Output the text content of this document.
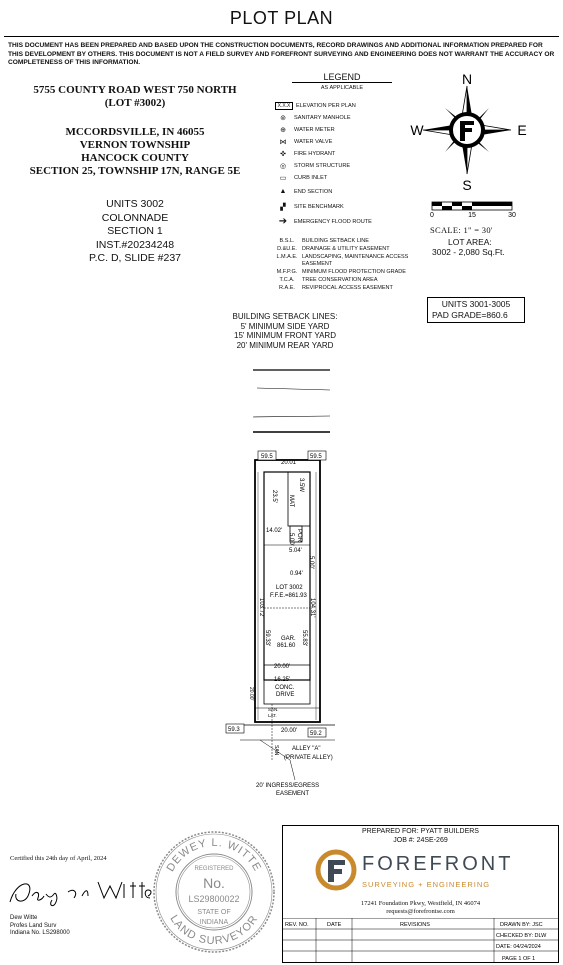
PLOT PLAN
THIS DOCUMENT HAS BEEN PREPARED AND BASED UPON THE CONSTRUCTION DOCUMENTS, RECORD DRAWINGS AND ADDITIONAL INFORMATION PREPARED FOR THIS DEVELOPMENT BY OTHERS. THIS DOCUMENT IS NOT A FIELD SURVEY AND FOREFRONT SURVEYING AND ENGINEERING DOES NOT WARRANT THE ACCURACY OR COMPLETENESS OF THIS INFORMATION.
5755 COUNTY ROAD WEST 750 NORTH
(LOT #3002)
MCCORDSVILLE, IN 46055
VERNON TOWNSHIP
HANCOCK COUNTY
SECTION 25, TOWNSHIP 17N, RANGE 5E
UNITS 3002
COLONNADE
SECTION 1
INST.#20234248
P.C. D, SLIDE #237
LEGEND
AS APPLICABLE
X.X.X	ELEVATION PER PLAN
⊚	SANITARY MANHOLE
⊕	WATER METER
⋈	WATER VALVE
✜	FIRE HYDRANT
◎	STORM STRUCTURE
▭	CURB INLET
▲	END SECTION
▞	SITE BENCHMARK
➔	EMERGENCY FLOOD ROUTE
B.S.L.	BUILDING SETBACK LINE
D.&U.E. DRAINAGE & UTILITY EASEMENT
L.M.A.E. LANDSCAPING, MAINTENANCE ACCESS EASEMENT
M.F.P.G. MINIMUM FLOOD PROTECTION GRADE
T.C.A.	TREE CONSERVATION AREA
R.A.E.	REVIPROCAL ACCESS EASEMENT
N
S
W	E
0	15	30
SCALE: 1" = 30'
LOT AREA:
3002 - 2,080 Sq.Ft.
UNITS 3001-3005
PAD GRADE=860.6
BUILDING SETBACK LINES:
5' MINIMUM SIDE YARD
15' MINIMUM FRONT YARD
20' MINIMUM REAR YARD
59.5	59.5
20.01'
23.5' MAT
3.5W
14.02'
5.00' POR
5.04'
5.00'
0.94'
LOT 3002
F.F.E.=861.93
103.72'	104.31'
59.33'	55.83'
GAR.
861.60
20.00'
16.25'
CONC.
DRIVE
20.00'
SAN.
LAT.
59.3
59.2
20.00'
SAN ALLEY "A"
(PRIVATE ALLEY)
20' INGRESS/EGRESS
EASEMENT
Certified this 24th day of April, 2024
Dew Witte
Profes Land Surv
Indiana No. LS298000
DEWEY L. WITTE
LAND SURVEYOR
REGISTERED
No.
LS29800022
STATE OF
INDIANA
PREPARED FOR: PYATT BUILDERS
JOB #: 24SE-269
FOREFRONT
SURVEYING + ENGINEERING
17241 Foundation Pkwy, Westfield, IN 46074
requests@forefrontse.com
REV. NO.	DATE	REVISIONS	DRAWN BY: JSC
CHECKED BY: DLW
DATE: 04/24/2024
PAGE 1 OF 1
